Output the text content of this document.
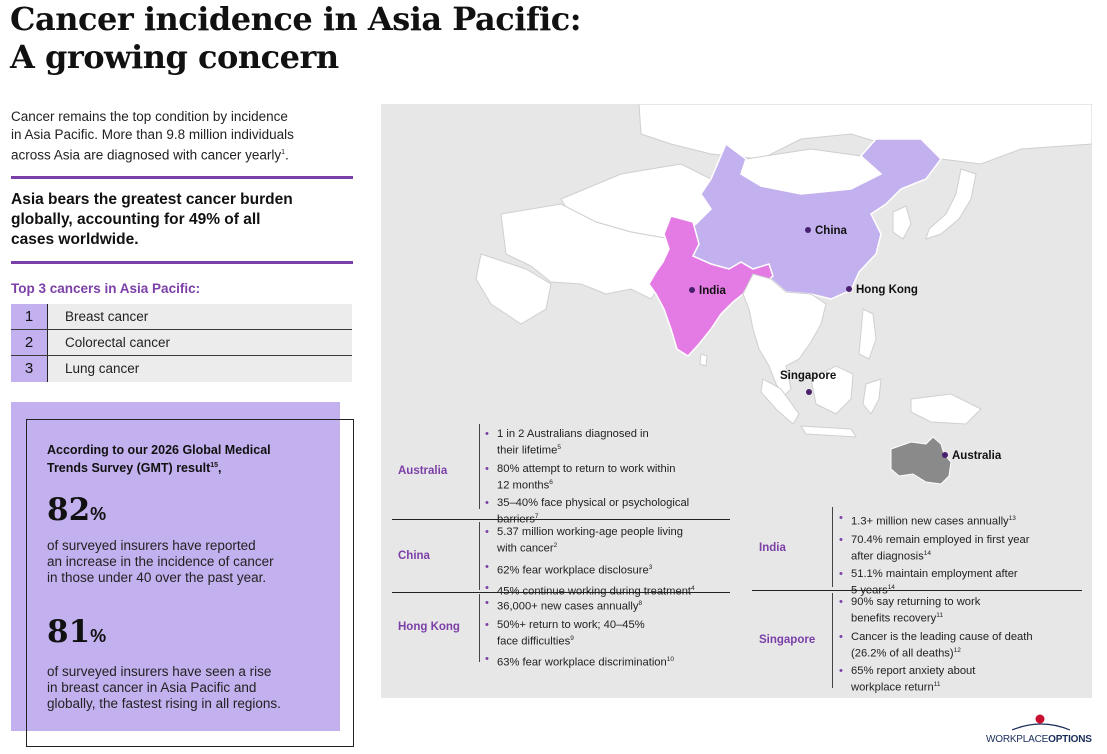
Cancer incidence in Asia Pacific:
A growing concern
Cancer remains the top condition by incidence
in Asia Pacific. More than 9.8 million individuals
across Asia are diagnosed with cancer yearly$^1$.
Asia bears the greatest cancer burden
globally, accounting for 49% of all
cases worldwide.
Top 3 cancers in Asia Pacific:
1	Breast cancer
2	Colorectal cancer
3	Lung cancer
According to our 2026 Global Medical
Trends Survey (GMT) result$^{15}$,
82%
of surveyed insurers have reported
an increase in the incidence of cancer
in those under 40 over the past year.
81%
of surveyed insurers have seen a rise
in breast cancer in Asia Pacific and
globally, the fastest rising in all regions.
China
India	Hong Kong
Singapore
Australia
Australia
China
Hong Kong
• 1 in 2 Australians diagnosed in
their lifetime$^5$
• 80% attempt to return to work within
12 months$^6$
• 35–40% face physical or psychological
barriers$^7$
• 5.37 million working-age people living
with cancer$^2$
• 62% fear workplace disclosure$^3$
• 45% continue working during treatment$^4$
• 36,000+ new cases annually$^8$
• 50%+ return to work; 40–45%
face difficulties$^9$
• 63% fear workplace discrimination$^{10}$
India
Singapore
• 1.3+ million new cases annually$^{13}$
• 70.4% remain employed in first year
after diagnosis$^{14}$
• 51.1% maintain employment after
5 years$^{14}$
• 90% say returning to work
benefits recovery$^{11}$
• Cancer is the leading cause of death
(26.2% of all deaths)$^{12}$
• 65% report anxiety about
workplace return$^{11}$
WORKPLACEOPTIONS
